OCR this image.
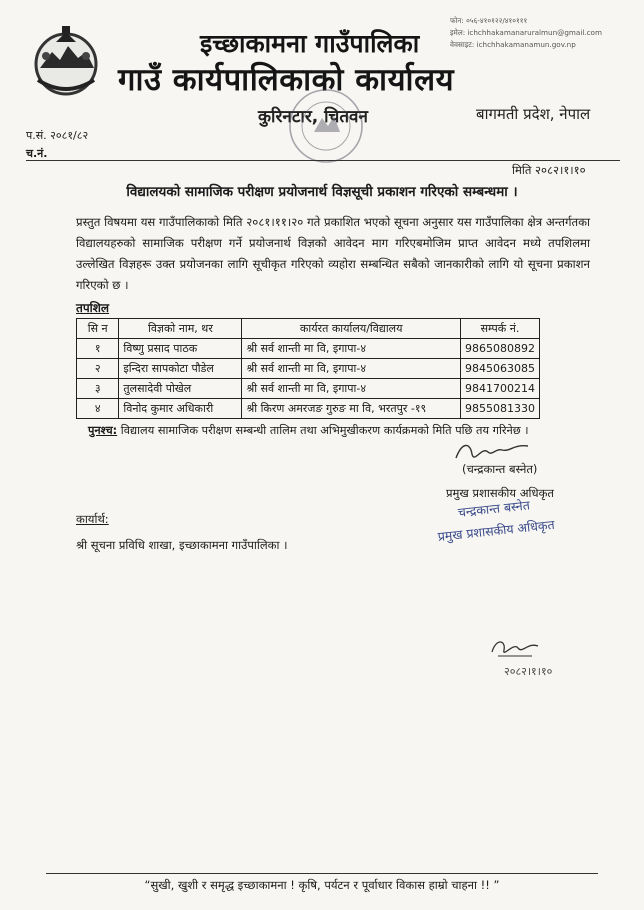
इच्छाकामना गाउँपालिका
गाउँ कार्यपालिकाको कार्यालय
कुरिनटार, चितवन	बागमती प्रदेश, नेपाल
फोन: ०५६-४१०१२२/४१०१११
इमेल: ichchhakamanaruralmun@gmail.com
वेवसाइट: ichchhakamanamun.gov.np
प.सं. २०८१/८२
च.नं.
मिति २०८२।१।१०
विद्यालयको सामाजिक परीक्षण प्रयोजनार्थ विज्ञसूची प्रकाशन गरिएको सम्बन्धमा ।
प्रस्तुत विषयमा यस गाउँपालिकाको मिति २०८१।११।२० गते प्रकाशित भएको सूचना अनुसार यस गाउँपालिका क्षेत्र अन्तर्गतका विद्यालयहरुको सामाजिक परीक्षण गर्ने प्रयोजनार्थ विज्ञको आवेदन माग गरिएबमोजिम प्राप्त आवेदन मध्ये तपशिलमा उल्लेखित विज्ञहरू उक्त प्रयोजनका लागि सूचीकृत गरिएको व्यहोरा सम्बन्धित सबैको जानकारीको लागि यो सूचना प्रकाशन गरिएको छ ।
तपशिल
सि न	विज्ञको नाम, थर	कार्यरत कार्यालय/विद्यालय	सम्पर्क नं.
१	विष्णु प्रसाद पाठक	श्री सर्व शान्ती मा वि, इगापा-४	9865080892
२	इन्दिरा सापकोटा पौडेल	श्री सर्व शान्ती मा वि, इगापा-४	9845063085
३	तुलसादेवी पोखेल	श्री सर्व शान्ती मा वि, इगापा-४	9841700214
४	विनोद कुमार अधिकारी	श्री किरण अमरजङ गुरुङ मा वि, भरतपुर -१९	9855081330
पुनश्च: विद्यालय सामाजिक परीक्षण सम्बन्धी तालिम तथा अभिमुखीकरण कार्यक्रमको मिति पछि तय गरिनेछ ।
(चन्द्रकान्त बस्नेत)
प्रमुख प्रशासकीय अधिकृत
चन्द्रकान्त बस्नेत
प्रमुख प्रशासकीय अधिकृत
२०८२।१।१०
कार्यार्थ:
श्री सूचना प्रविधि शाखा, इच्छाकामना गाउँपालिका ।
“सुखी, खुशी र समृद्ध इच्छाकामना ! कृषि, पर्यटन र पूर्वाधार विकास हाम्रो चाहना !! ”
